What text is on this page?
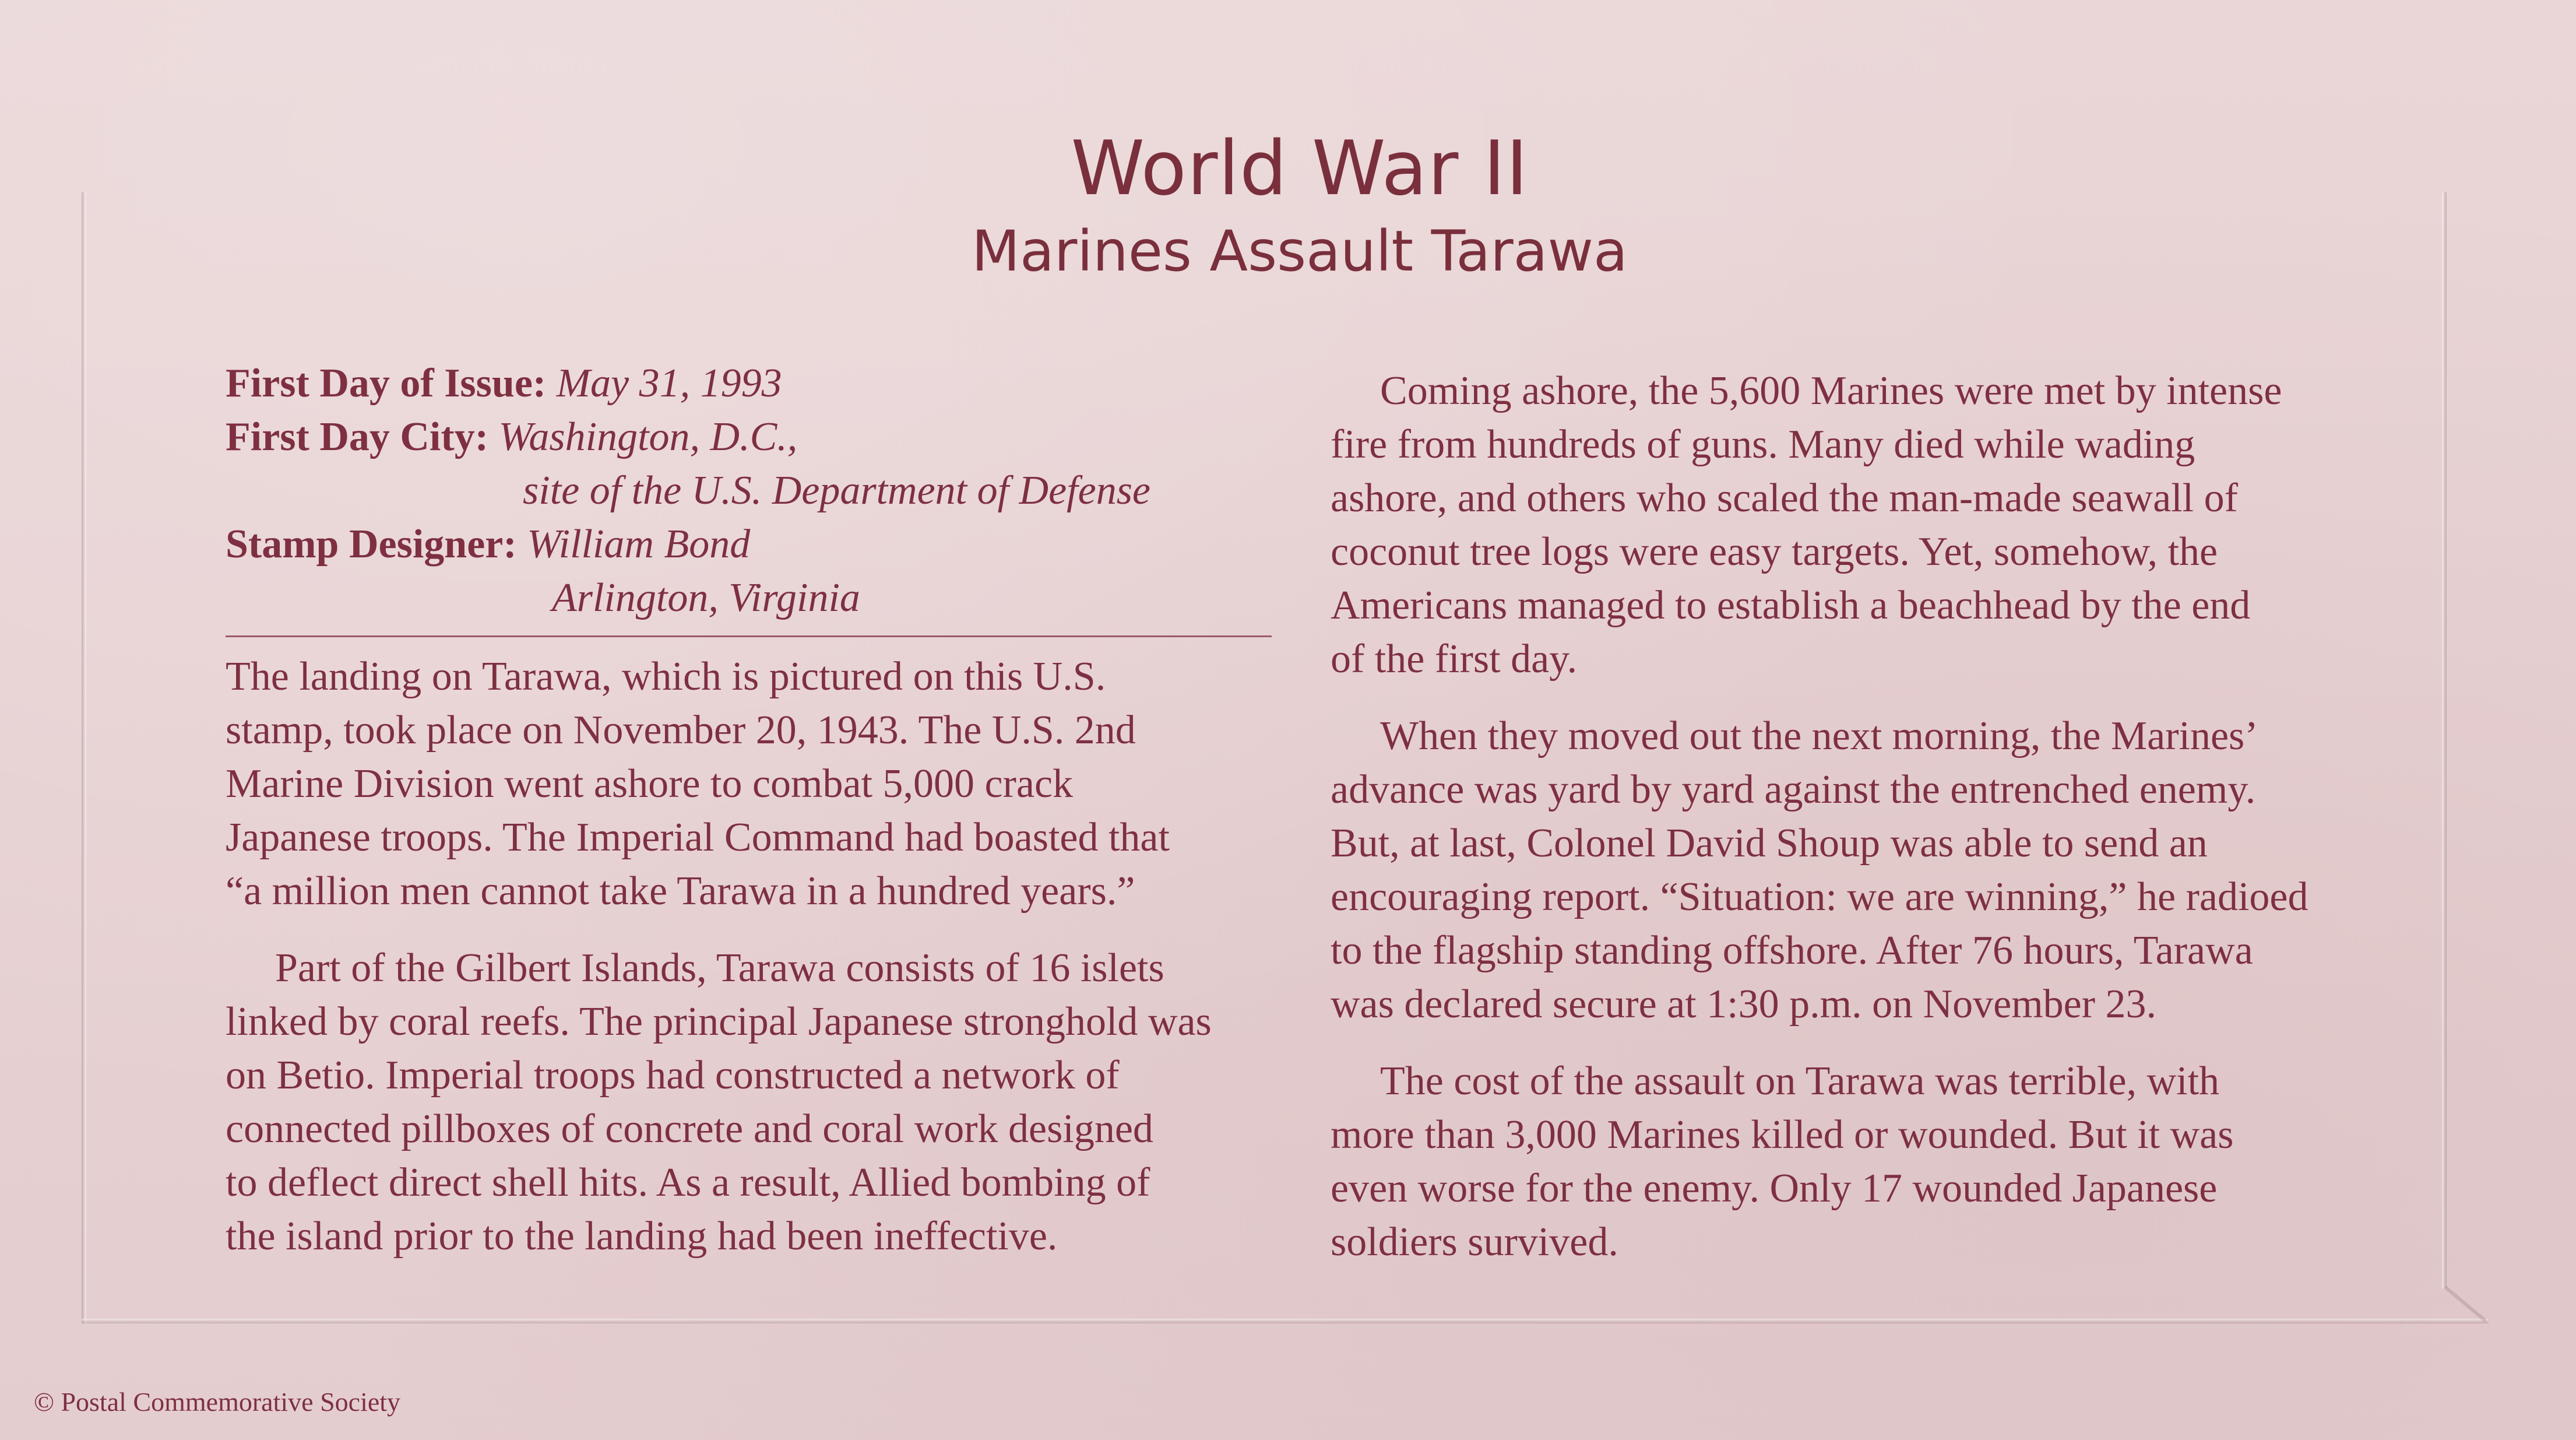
World War II
Marines Assault Tarawa
First Day of Issue: May 31, 1993
First Day City: Washington, D.C.,
site of the U.S. Department of Defense
Stamp Designer: William Bond
Arlington, Virginia
The landing on Tarawa, which is pictured on this U.S.
stamp, took place on November 20, 1943. The U.S. 2nd
Marine Division went ashore to combat 5,000 crack
Japanese troops. The Imperial Command had boasted that
“a million men cannot take Tarawa in a hundred years.”
Part of the Gilbert Islands, Tarawa consists of 16 islets
linked by coral reefs. The principal Japanese stronghold was
on Betio. Imperial troops had constructed a network of
connected pillboxes of concrete and coral work designed
to deflect direct shell hits. As a result, Allied bombing of
the island prior to the landing had been ineffective.
Coming ashore, the 5,600 Marines were met by intense
fire from hundreds of guns. Many died while wading
ashore, and others who scaled the man-made seawall of
coconut tree logs were easy targets. Yet, somehow, the
Americans managed to establish a beachhead by the end
of the first day.
When they moved out the next morning, the Marines’
advance was yard by yard against the entrenched enemy.
But, at last, Colonel David Shoup was able to send an
encouraging report. “Situation: we are winning,” he radioed
to the flagship standing offshore. After 76 hours, Tarawa
was declared secure at 1:30 p.m. on November 23.
The cost of the assault on Tarawa was terrible, with
more than 3,000 Marines killed or wounded. But it was
even worse for the enemy. Only 17 wounded Japanese
soldiers survived.
© Postal Commemorative Society
